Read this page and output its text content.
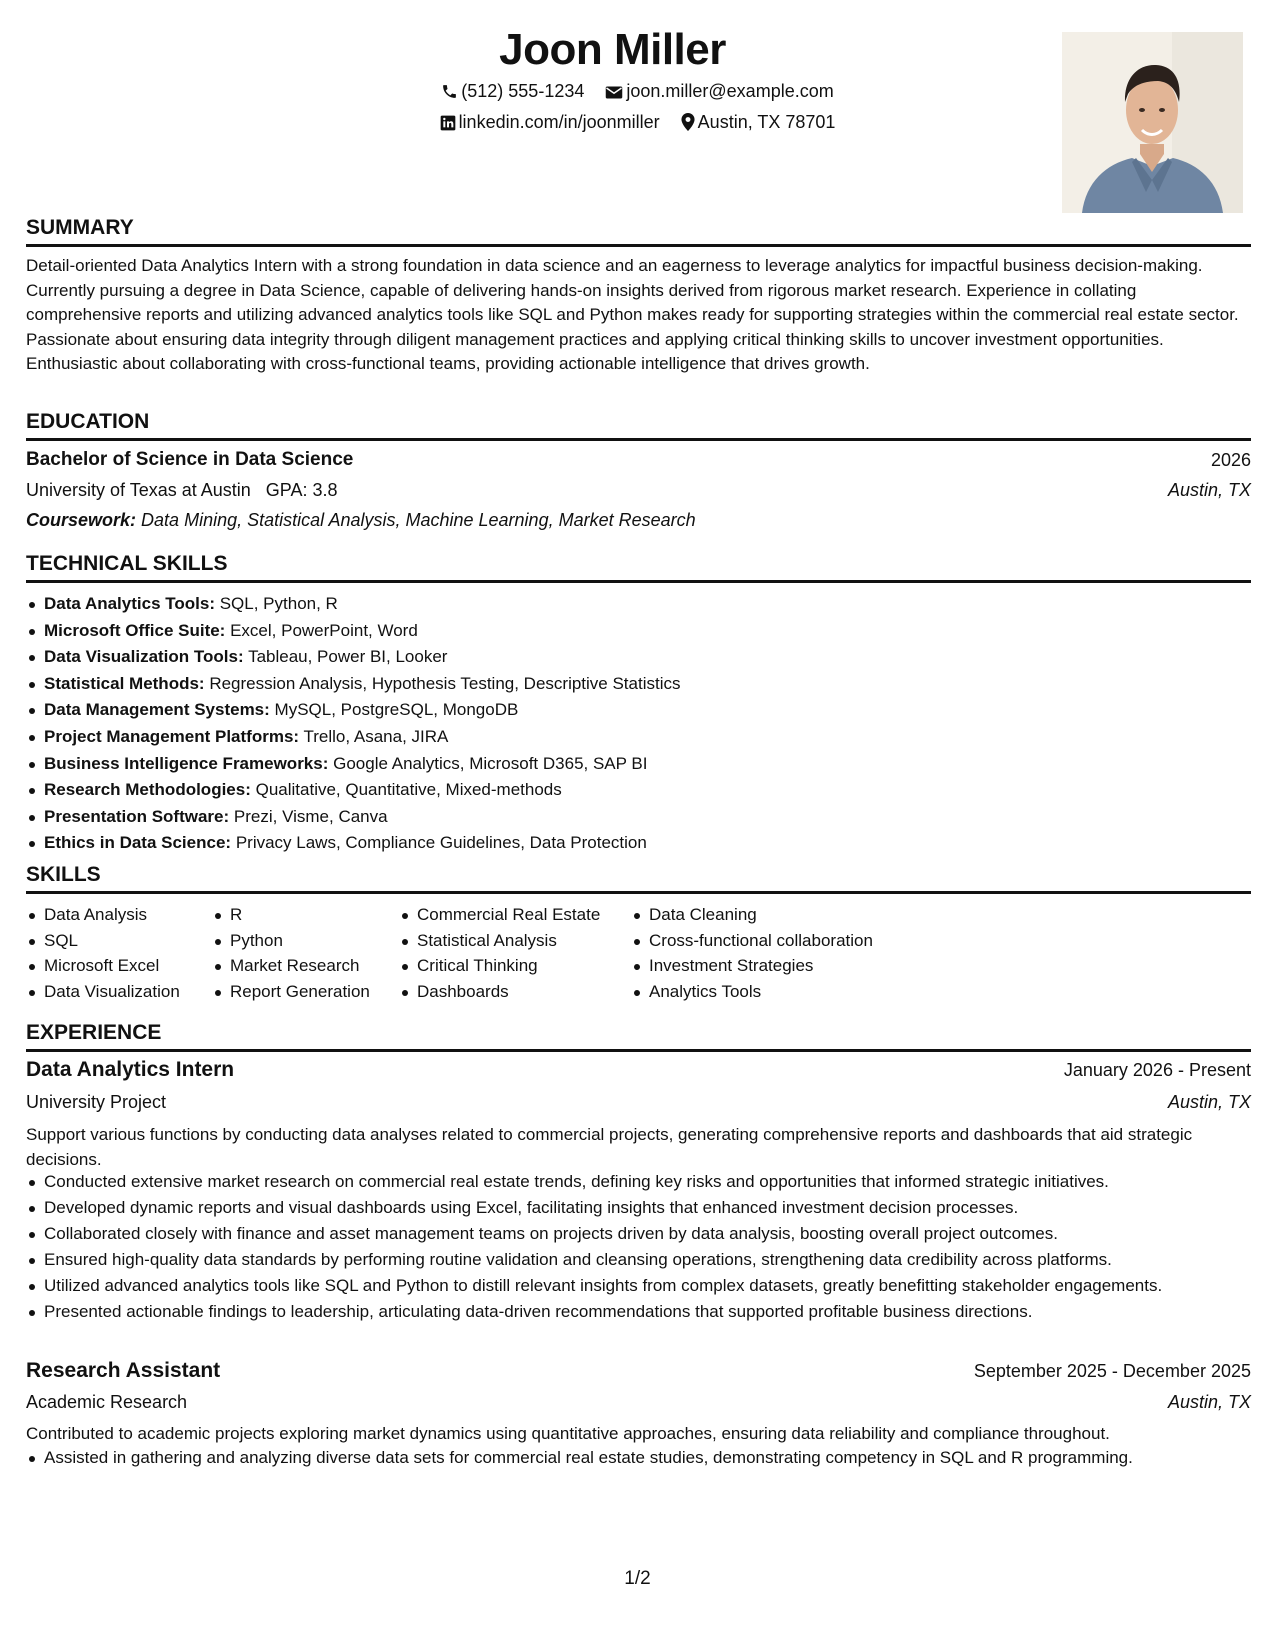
Joon Miller
(512) 555-1234 joon.miller@example.com
linkedin.com/in/joonmiller Austin, TX 78701
SUMMARY

Detail-oriented Data Analytics Intern with a strong foundation in data science and an eagerness to leverage analytics for impactful business decision-making. Currently pursuing a degree in Data Science, capable of delivering hands-on insights derived from rigorous market research. Experience in collating comprehensive reports and utilizing advanced analytics tools like SQL and Python makes ready for supporting strategies within the commercial real estate sector. Passionate about ensuring data integrity through diligent management practices and applying critical thinking skills to uncover investment opportunities. Enthusiastic about collaborating with cross-functional teams, providing actionable intelligence that drives growth.

EDUCATION
Bachelor of Science in Data Science	2026
University of Texas at Austin GPA: 3.8	Austin, TX
Coursework: Data Mining, Statistical Analysis, Machine Learning, Market Research
TECHNICAL SKILLS
Data Analytics Tools: SQL, Python, R
Microsoft Office Suite: Excel, PowerPoint, Word
Data Visualization Tools: Tableau, Power BI, Looker
Statistical Methods: Regression Analysis, Hypothesis Testing, Descriptive Statistics
Data Management Systems: MySQL, PostgreSQL, MongoDB
Project Management Platforms: Trello, Asana, JIRA
Business Intelligence Frameworks: Google Analytics, Microsoft D365, SAP BI
Research Methodologies: Qualitative, Quantitative, Mixed-methods
Presentation Software: Prezi, Visme, Canva
Ethics in Data Science: Privacy Laws, Compliance Guidelines, Data Protection
SKILLS
Data Analysis
SQL
Microsoft Excel
Data Visualization
R
Python
Market Research
Report Generation
Commercial Real Estate
Statistical Analysis
Critical Thinking
Dashboards
Data Cleaning
Cross-functional collaboration
Investment Strategies
Analytics Tools
EXPERIENCE
Data Analytics Intern	January 2026 - Present
University Project	Austin, TX

Support various functions by conducting data analyses related to commercial projects, generating comprehensive reports and dashboards that aid strategic decisions.

Conducted extensive market research on commercial real estate trends, defining key risks and opportunities that informed strategic initiatives.
Developed dynamic reports and visual dashboards using Excel, facilitating insights that enhanced investment decision processes.
Collaborated closely with finance and asset management teams on projects driven by data analysis, boosting overall project outcomes.
Ensured high-quality data standards by performing routine validation and cleansing operations, strengthening data credibility across platforms.
Utilized advanced analytics tools like SQL and Python to distill relevant insights from complex datasets, greatly benefitting stakeholder engagements.
Presented actionable findings to leadership, articulating data-driven recommendations that supported profitable business directions.
Research Assistant	September 2025 - December 2025
Academic Research	Austin, TX

Contributed to academic projects exploring market dynamics using quantitative approaches, ensuring data reliability and compliance throughout.

Assisted in gathering and analyzing diverse data sets for commercial real estate studies, demonstrating competency in SQL and R programming.
1/2
